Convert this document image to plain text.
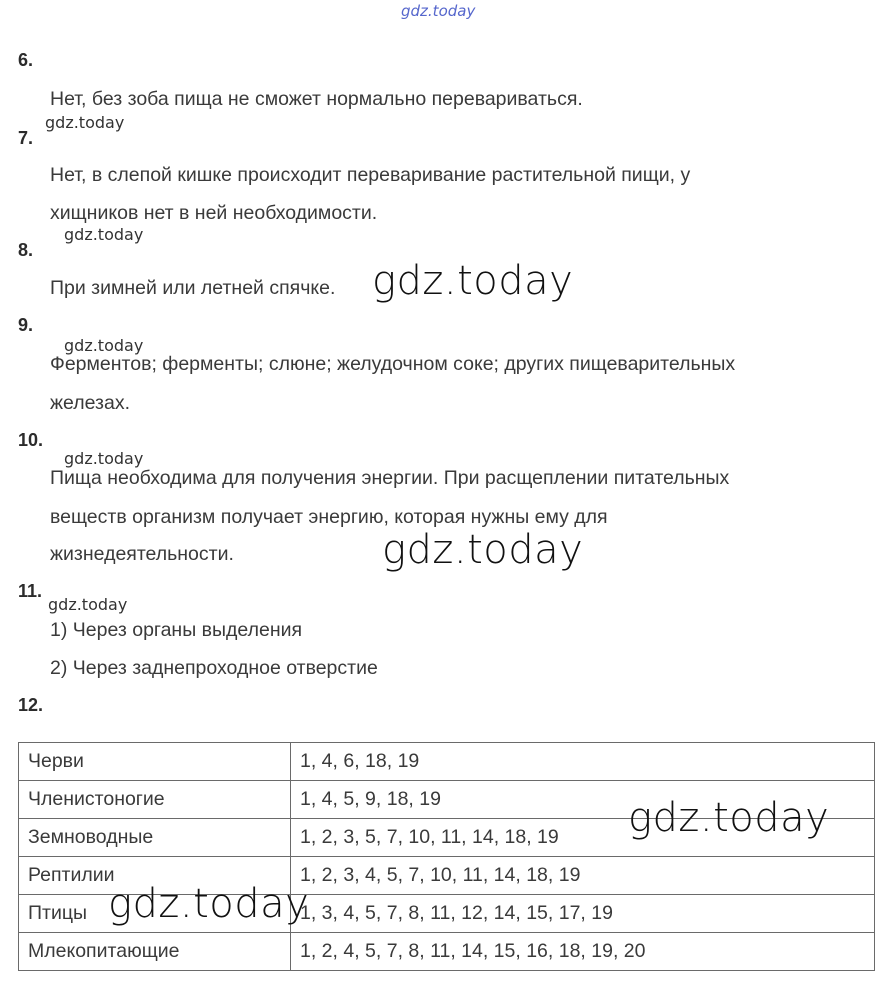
gdz.today
6.
Нет, без зоба пища не сможет нормально перевариваться.
gdz.today
7.
Нет, в слепой кишке происходит переваривание растительной пищи, у
хищников нет в ней необходимости.
gdz.today
8.
При зимней или летней спячке. gdz.today
9.
gdz.today
Ферментов; ферменты; слюне; желудочном соке; других пищеварительных
железах.
10.
gdz.today
Пища необходима для получения энергии. При расщеплении питательных
веществ организм получает энергию, которая нужны ему для
жизнедеятельности.	gdz.today
11.
gdz.today
1) Через органы выделения
2) Через заднепроходное отверстие
12.
Черви	1, 4, 6, 18, 19
Членистоногие	1, 4, 5, 9, 18, 19
Земноводные	1, 2, 3, 5, 7, 10, 11, 14, 18, 19
Рептилии	1, 2, 3, 4, 5, 7, 10, 11, 14, 18, 19
Птицы	1, 3, 4, 5, 7, 8, 11, 12, 14, 15, 17, 19
Млекопитающие	1, 2, 4, 5, 7, 8, 11, 14, 15, 16, 18, 19, 20
gdz.today
gdz.today
